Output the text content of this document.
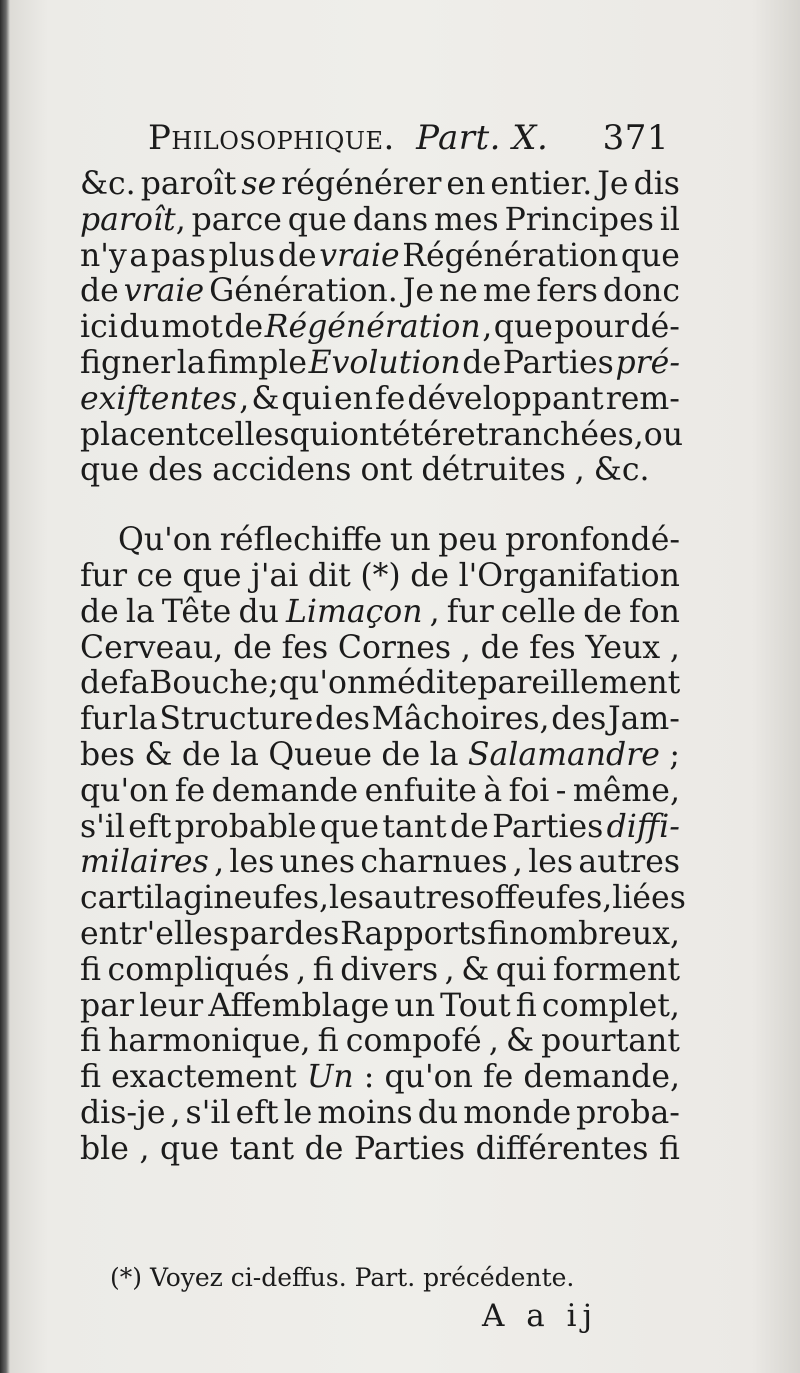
Philosophique. Part. X. 371
&c. paroît se régénérer en entier. Je dis
paroît, parce que dans mes Principes il
n'y a pas plus de vraie Régénération que
de vraie Génération. Je ne me fers donc
ici du mot de Régénération , que pour dé-
figner la fimple Evolution de Parties pré-
exiftentes , & qui en fe développant rem-
placent celles qui ont été retranchées, ou
que des accidens ont détruites , &c.
Qu'on réflechiffe un peu pronfondé-
fur ce que j'ai dit (*) de l'Organifation
de la Tête du Limaçon , fur celle de fon
Cerveau, de fes Cornes , de fes Yeux ,
de fa Bouche ; qu'on médite pareillement
fur la Structure des Mâchoires, des Jam-
bes & de la Queue de la Salamandre ;
qu'on fe demande enfuite à foi - même,
s'il eft probable que tant de Parties diffi-
milaires , les unes charnues , les autres
cartilagineufes , les autres offeufes , liées
entr'elles par des Rapports fi nombreux,
fi compliqués , fi divers , & qui forment
par leur Affemblage un Tout fi complet,
fi harmonique, fi compofé , & pourtant
fi exactement Un : qu'on fe demande,
dis-je , s'il eft le moins du monde proba-
ble , que tant de Parties différentes fi
(*) Voyez ci-deffus. Part. précédente.
A a ij
